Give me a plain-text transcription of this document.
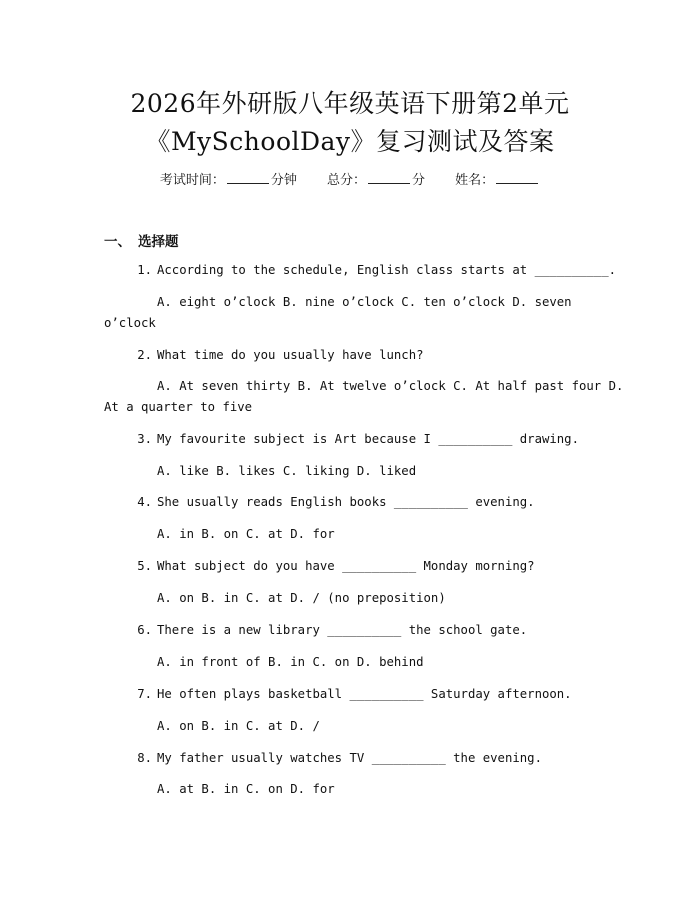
2026年外研版八年级英语下册第2单元
《MySchoolDay》复习测试及答案
考试时间：	分钟 总分：	分 姓名：
一、 选择题
1. According to the schedule, English class starts at __________.
A. eight o’clock B. nine o’clock C. ten o’clock D. seven
o’clock
2. What time do you usually have lunch?
A. At seven thirty B. At twelve o’clock C. At half past four D.
At a quarter to five
3. My favourite subject is Art because I __________ drawing.
A. like B. likes C. liking D. liked
4. She usually reads English books __________ evening.
A. in B. on C. at D. for
5. What subject do you have __________ Monday morning?
A. on B. in C. at D. / (no preposition)
6. There is a new library __________ the school gate.
A. in front of B. in C. on D. behind
7. He often plays basketball __________ Saturday afternoon.
A. on B. in C. at D. /
8. My father usually watches TV __________ the evening.
A. at B. in C. on D. for
